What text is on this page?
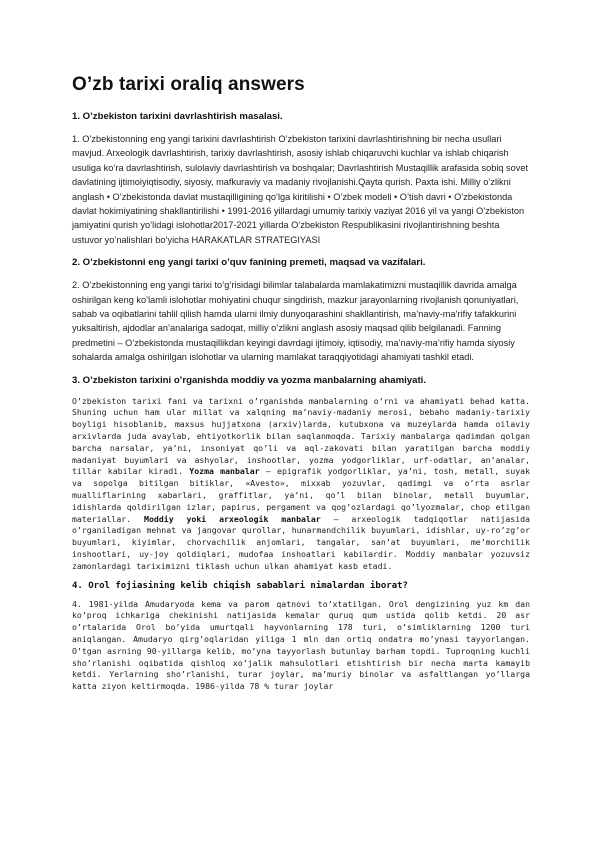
O’zb tarixi oraliq answers

1. O’zbekiston tarixini davrlashtirish masalasi.

1. O’zbekistonning eng yangi tarixini davrlashtirish O’zbekiston tarixini davrlashtirishning bir necha usullari mavjud. Arxeologik davrlashtirish, tarixiy davrlashtirish, asosiy ishlab chiqaruvchi kuchlar va ishlab chiqarish usuliga ko’ra davrlashtirish, sulolaviy davrlashtirish va boshqalar; Davrlashtirish Mustaqillik arafasida sobiq sovet davlatining ijtimoiyiqtisodiy, siyosiy, mafkuraviy va madaniy rivojlanishi.Qayta qurish. Paxta ishi. Milliy o’zlikni anglash • O’zbekistonda davlat mustaqilligining qo’lga kiritilishi • O’zbek modeli • O’tish davri • O’zbekistonda davlat hokimiyatining shakllantirilishi • 1991-2016 yillardagi umumiy tarixiy vaziyat 2016 yil va yangi O’zbekiston jamiyatini qurish yo’lidagi islohotlar2017-2021 yillarda O’zbekiston Respublikasini rivojlantirishning beshta ustuvor yo’nalishlari bo’yicha HARAKATLAR STRATEGIYASI

2. O’zbekistonni eng yangi tarixi o’quv fanining premeti, maqsad va vazifalari.

2. O’zbekistonning eng yangi tarixi to’g’risidagi bilimlar talabalarda mamlakatimizni mustaqillik davrida amalga oshirilgan keng ko’lamli islohotlar mohiyatini chuqur singdirish, mazkur jarayonlarning rivojlanish qonuniyatlari, sabab va oqibatlarini tahlil qilish hamda ularni ilmiy dunyoqarashini shakllantirish, ma’naviy-ma’rifiy tafakkurini yuksaltirish, ajdodlar an’analariga sadoqat, milliy o’zlikni anglash asosiy maqsad qilib belgilanadi. Fanning predmetini – O’zbekistonda mustaqillikdan keyingi davrdagi ijtimoiy, iqtisodiy, ma’naviy-ma’rifiy hamda siyosiy sohalarda amalga oshirilgan islohotlar va ularning mamlakat taraqqiyotidagi ahamiyati tashkil etadi.

3. O’zbekiston tarixini o’rganishda moddiy va yozma manbalarning ahamiyati.

O’zbekiston tarixi fani va tarixni o’rganishda manbalarning o’rni va ahamiyati behad katta. Shuning uchun ham ular millat va xalqning ma’naviy-madaniy merosi, bebaho madaniy-tarixiy boyligi hisoblanib, maxsus hujjatxona (arxiv)larda, kutubxona va muzeylarda hamda oilaviy arxivlarda juda avaylab, ehtiyotkorlik bilan saqlanmoqda. Tarixiy manbalarga qadimdan qolgan barcha narsalar, ya’ni, insoniyat qo’li va aql-zakovati bilan yaratilgan barcha moddiy madaniyat buyumlari va ashyolar, inshootlar, yozma yodgorliklar, urf-odatlar, an’analar, tillar kabilar kiradi. Yozma manbalar – epigrafik yodgorliklar, ya’ni, tosh, metall, suyak va sopolga bitilgan bitiklar, «Avesto», mixxab yozuvlar, qadimgi va o’rta asrlar mualliflarining xabarlari, graffitlar, ya’ni, qo’l bilan binolar, metall buyumlar, idishlarda qoldirilgan izlar, papirus, pergament va qog’ozlardagi qo’lyozmalar, chop etilgan materiallar. Moddiy yoki arxeologik manbalar – arxeologik tadqiqotlar natijasida o’rganiladigan mehnat va jangovar qurollar, hunarmandchilik buyumlari, idishlar, uy-ro’zg’or buyumlari, kiyimlar, chorvachilik anjomlari, tangalar, san’at buyumlari, me’morchilik inshootlari, uy-joy qoldiqlari, mudofaa inshoatlari kabilardir. Moddiy manbalar yozuvsiz zamonlardagi tariximizni tiklash uchun ulkan ahamiyat kasb etadi.

4. Orol fojiasining kelib chiqish sabablari nimalardan iborat?

4. 1981-yilda Amudaryoda kema va parom qatnovi to’xtatilgan. Orol dengizining yuz km dan ko’proq ichkariga chekinishi natijasida kemalar quruq qum ustida qolib ketdi. 20 asr o’rtalarida Orol bo’yida umurtqali hayvonlarning 178 turi, o’simliklarning 1200 turi aniqlangan. Amudaryo qirg’oqlaridan yiliga 1 mln dan ortiq ondatra mo’ynasi tayyorlangan. O’tgan asrning 90-yillarga kelib, mo’yna tayyorlash butunlay barham topdi. Tuproqning kuchli sho’rlanishi oqibatida qishloq xo’jalik mahsulotlari etishtirish bir necha marta kamayib ketdi. Yerlarning sho’rlanishi, turar joylar, ma’muriy binolar va asfaltlangan yo’llarga katta ziyon keltirmoqda. 1986-yilda 78 % turar joylar
